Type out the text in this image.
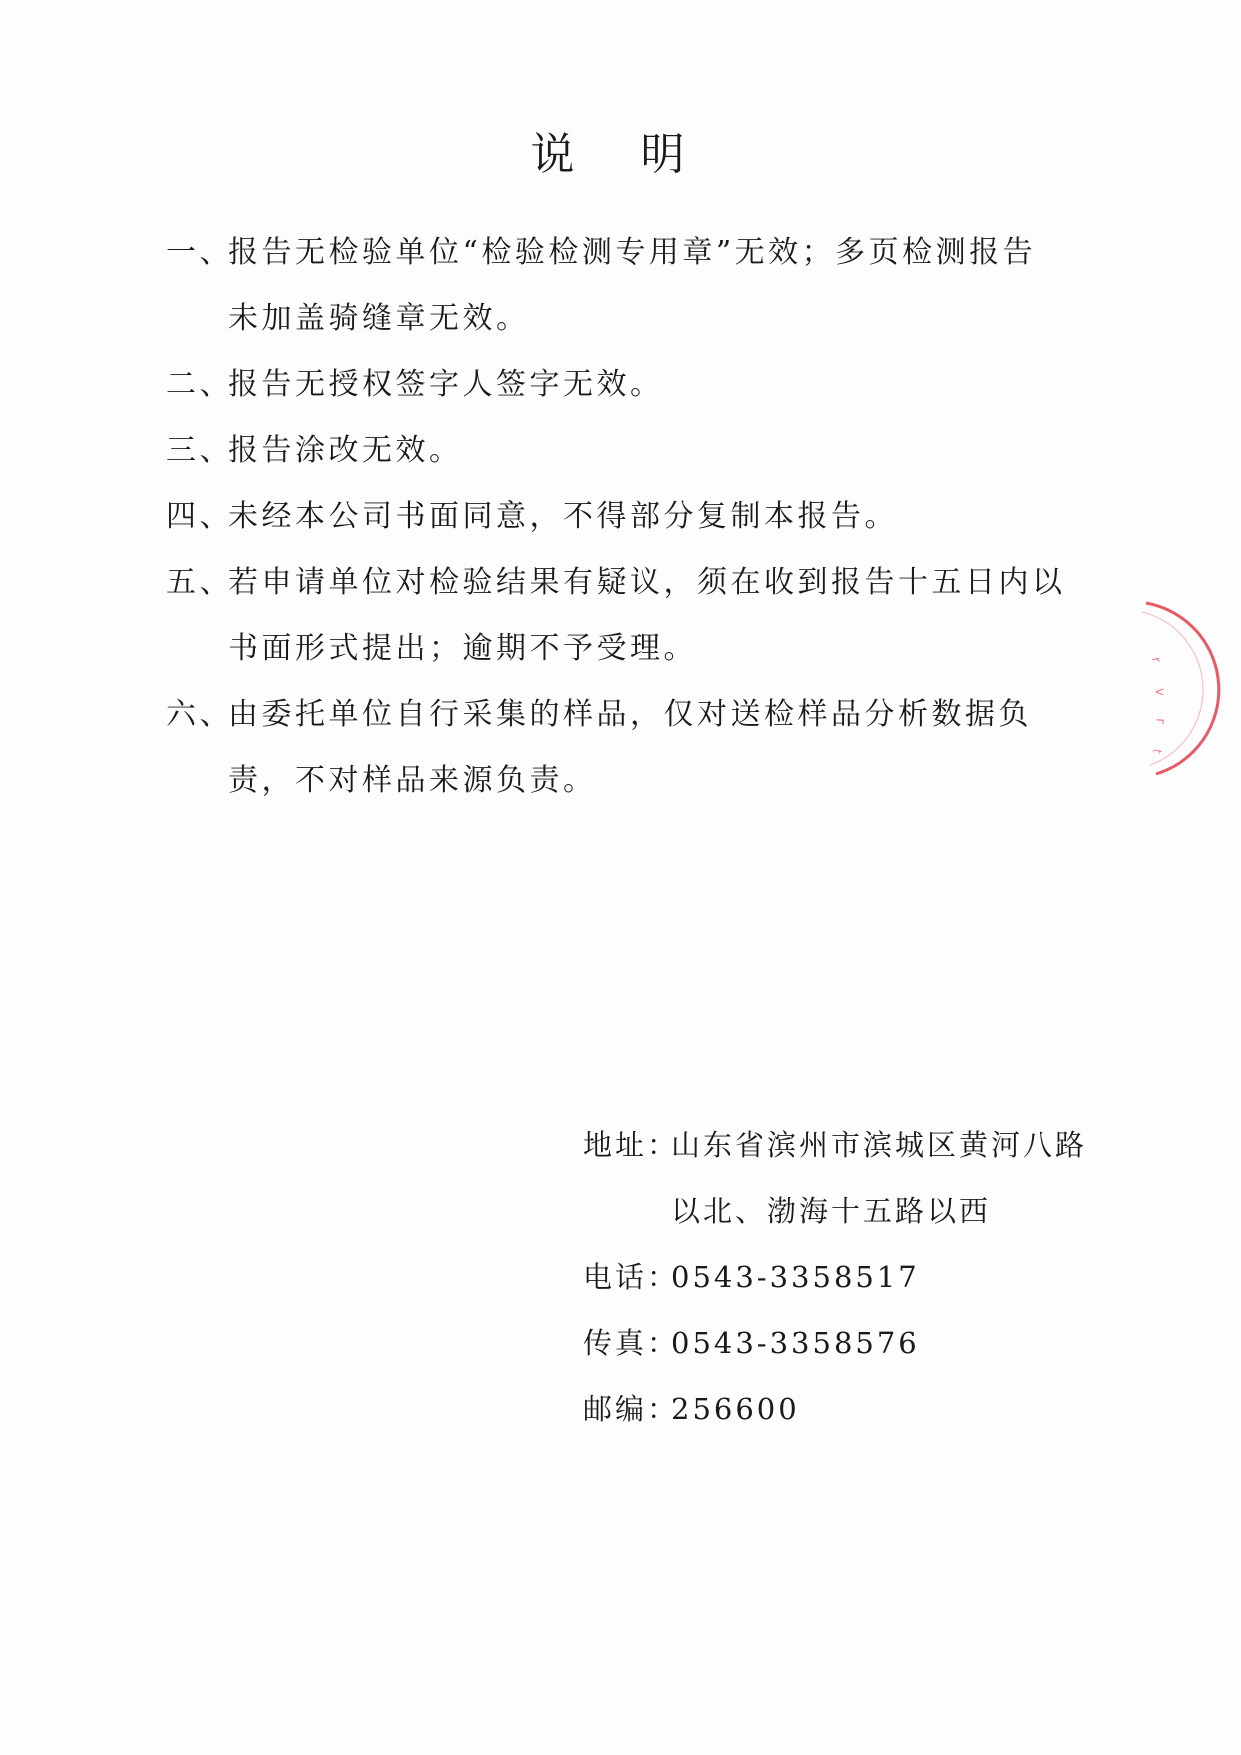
说 明
一、
报告无检验单位“检验检测专用章”无效；多页检测报告未加盖骑缝章无效。
二、
报告无授权签字人签字无效。
三、
报告涂改无效。
四、
未经本公司书面同意，不得部分复制本报告。
五、
若申请单位对检验结果有疑议，须在收到报告十五日内以书面形式提出；逾期不予受理。
六、
由委托单位自行采集的样品，仅对送检样品分析数据负责，不对样品来源负责。
地址：山东省滨州市滨城区黄河八路
以北、渤海十五路以西
电话：0543-3358517
传真：0543-3358576
邮编：256600
r
v
r
t
